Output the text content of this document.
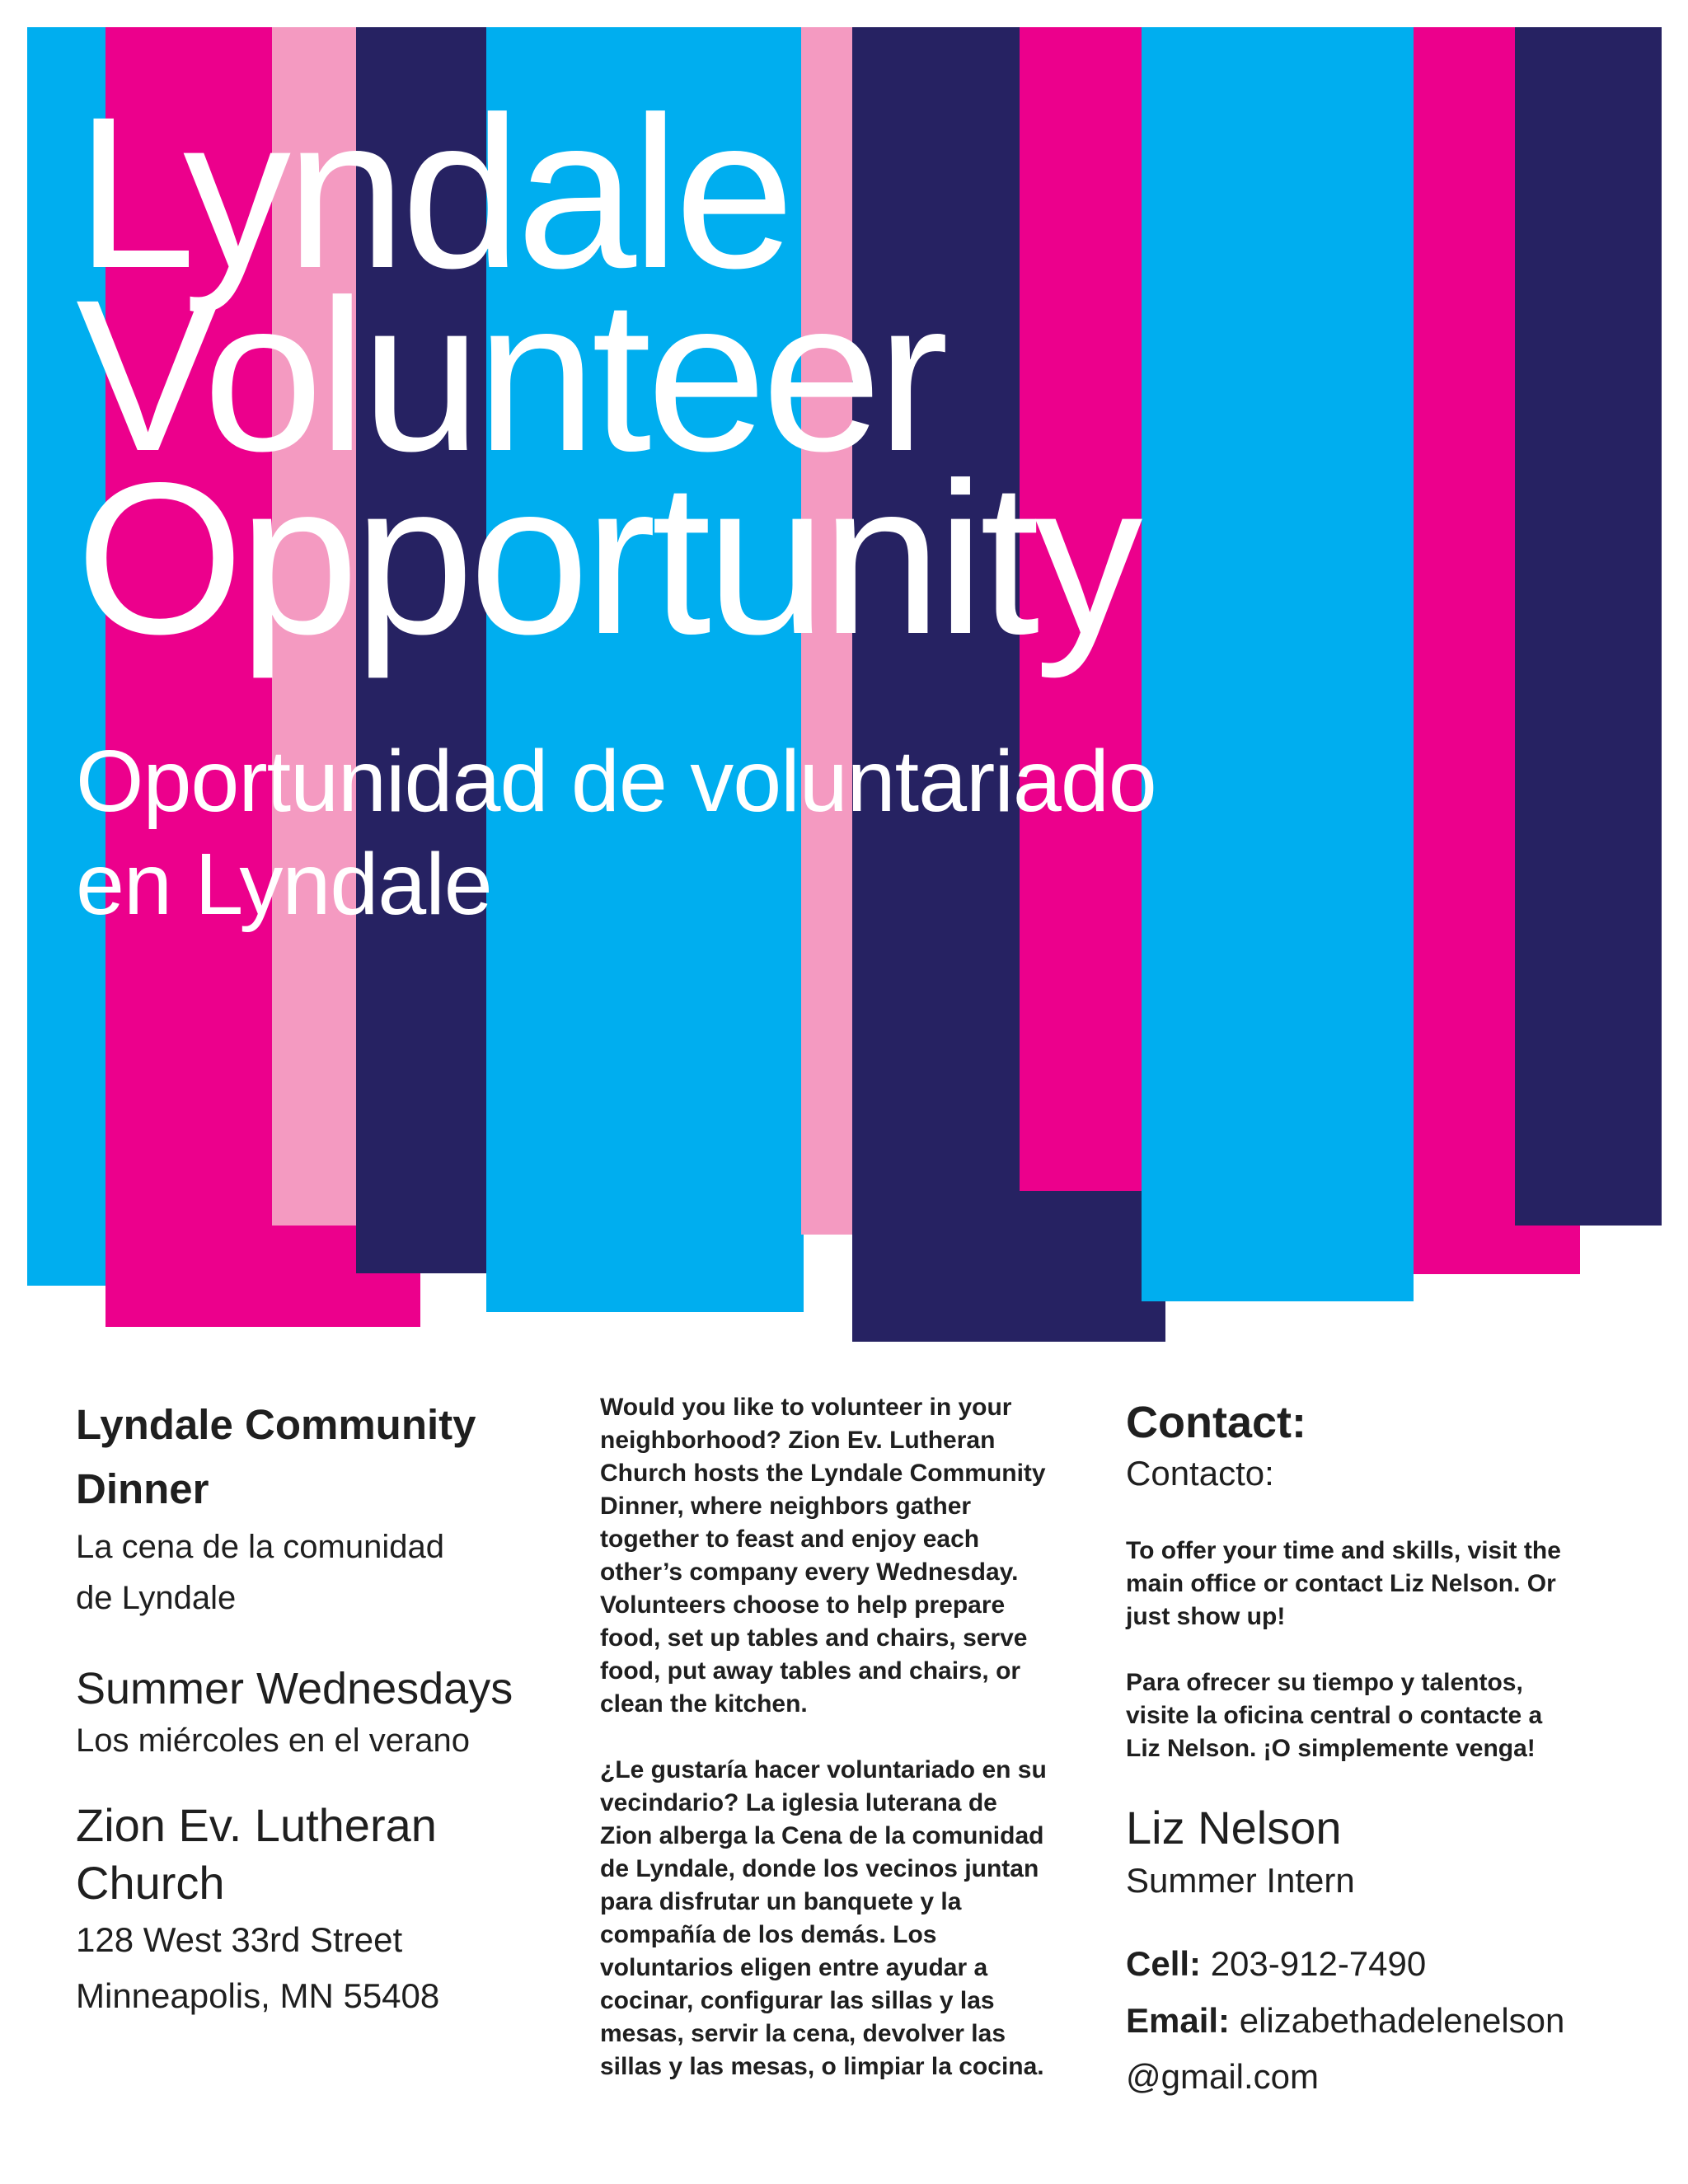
Lyndale
Volunteer
Opportunity
Oportunidad de voluntariado
en Lyndale

Lyndale Community

Dinner

La cena de la comunidad

de Lyndale

Summer Wednesdays

Los miércoles en el verano

Zion Ev. Lutheran

Church

128 West 33rd Street

Minneapolis, MN 55408

Would you like to volunteer in your

neighborhood? Zion Ev. Lutheran

Church hosts the Lyndale Community

Dinner, where neighbors gather

together to feast and enjoy each

other’s company every Wednesday.

Volunteers choose to help prepare

food, set up tables and chairs, serve

food, put away tables and chairs, or

clean the kitchen.

¿Le gustaría hacer voluntariado en su

vecindario? La iglesia luterana de

Zion alberga la Cena de la comunidad

de Lyndale, donde los vecinos juntan

para disfrutar un banquete y la

compañía de los demás. Los

voluntarios eligen entre ayudar a

cocinar, configurar las sillas y las

mesas, servir la cena, devolver las

sillas y las mesas, o limpiar la cocina.

Contact:

Contacto:

To offer your time and skills, visit the

main office or contact Liz Nelson. Or

just show up!

Para ofrecer su tiempo y talentos,

visite la oficina central o contacte a

Liz Nelson. ¡O simplemente venga!

Liz Nelson

Summer Intern

Cell: 203-912-7490

Email: elizabethadelenelson

@gmail.com
